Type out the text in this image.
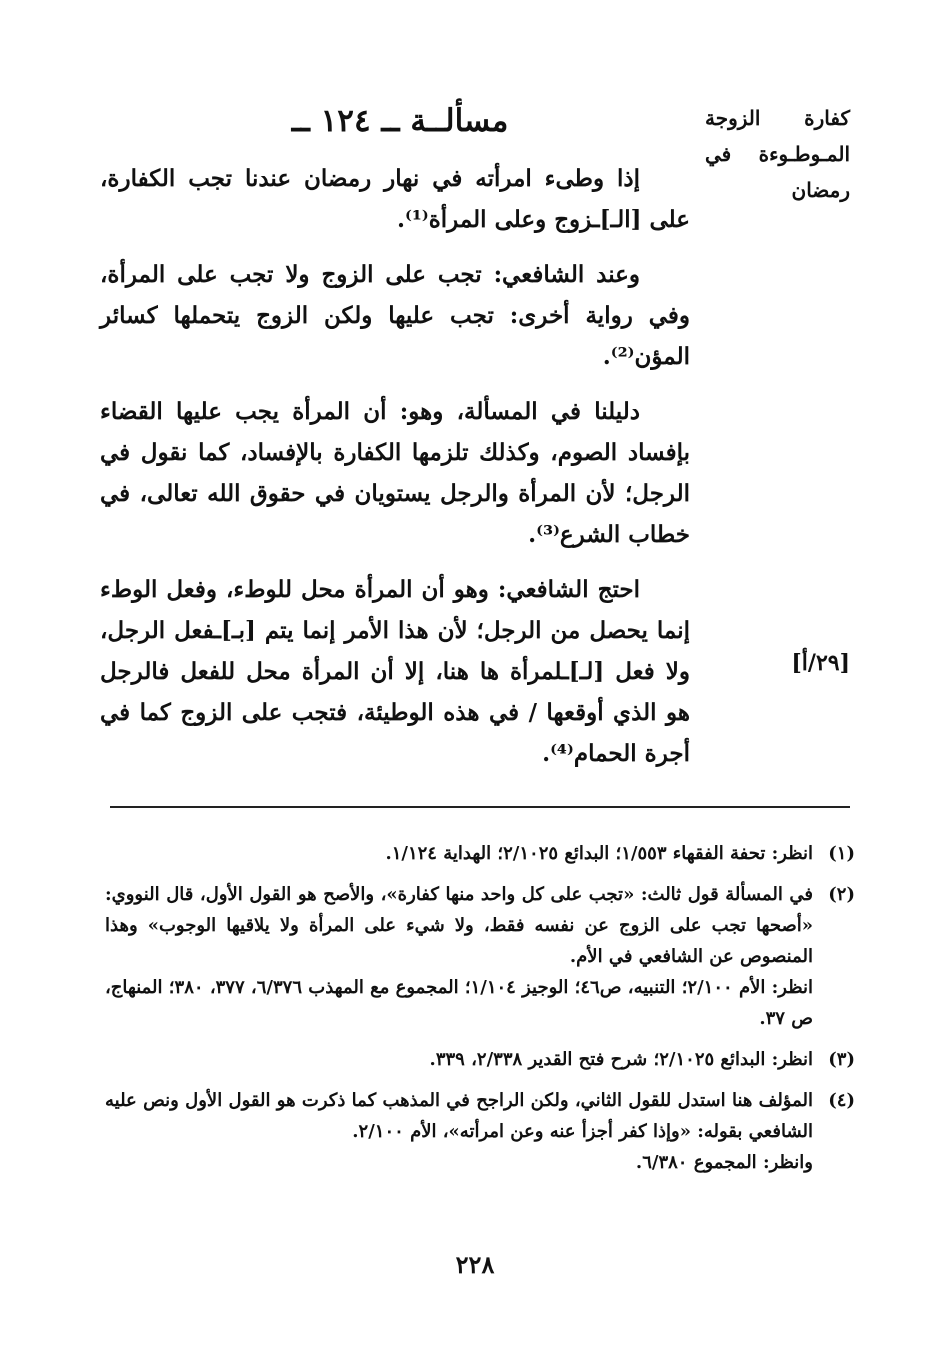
مسألــة ــ ١٢٤ ــ	كفارة الزوجة المـوطـوءة في رمضان
[٢٩/أ]

إذا وطىء امرأته في نهار رمضان عندنا تجب الكفارة، على [الـ]ـزوج وعلى المرأة⁽¹⁾.

وعند الشافعي: تجب على الزوج ولا تجب على المرأة، وفي رواية أخرى: تجب عليها ولكن الزوج يتحملها كسائر المؤن⁽²⁾.

دليلنا في المسألة، وهو: أن المرأة يجب عليها القضاء بإفساد الصوم، وكذلك تلزمها الكفارة بالإفساد، كما نقول في الرجل؛ لأن المرأة والرجل يستويان في حقوق الله تعالى، في خطاب الشرع⁽³⁾.

احتج الشافعي: وهو أن المرأة محل للوطء، وفعل الوطء إنما يحصل من الرجل؛ لأن هذا الأمر إنما يتم [بـ]ـفعل الرجل، ولا فعل [لـ]ـلمرأة ها هنا، إلا أن المرأة محل للفعل فالرجل هو الذي أوقعها / في هذه الوطيئة، فتجب على الزوج كما في أجرة الحمام⁽⁴⁾.

(١)
انظر: تحفة الفقهاء ١/٥٥٣؛ البدائع ٢/١٠٢٥؛ الهداية ١/١٢٤.
(٢)
في المسألة قول ثالث: «تجب على كل واحد منها كفارة»، والأصح هو القول الأول، قال النووي: «أصحها تجب على الزوج عن نفسه فقط، ولا شيء على المرأة ولا يلاقيها الوجوب» وهذا المنصوص عن الشافعي في الأم.
انظر: الأم ٢/١٠٠؛ التنبيه، ص٤٦؛ الوجيز ١/١٠٤؛ المجموع مع المهذب ٦/٣٧٦، ٣٧٧، ٣٨٠؛ المنهاج، ص ٣٧.
(٣)
انظر: البدائع ٢/١٠٢٥؛ شرح فتح القدير ٢/٣٣٨، ٣٣٩.
(٤)
المؤلف هنا استدل للقول الثاني، ولكن الراجح في المذهب كما ذكرت هو القول الأول ونص عليه الشافعي بقوله: «وإذا كفر أجزأ عنه وعن امرأته»، الأم ٢/١٠٠.
وانظر: المجموع ٦/٣٨٠.
٢٢٨
